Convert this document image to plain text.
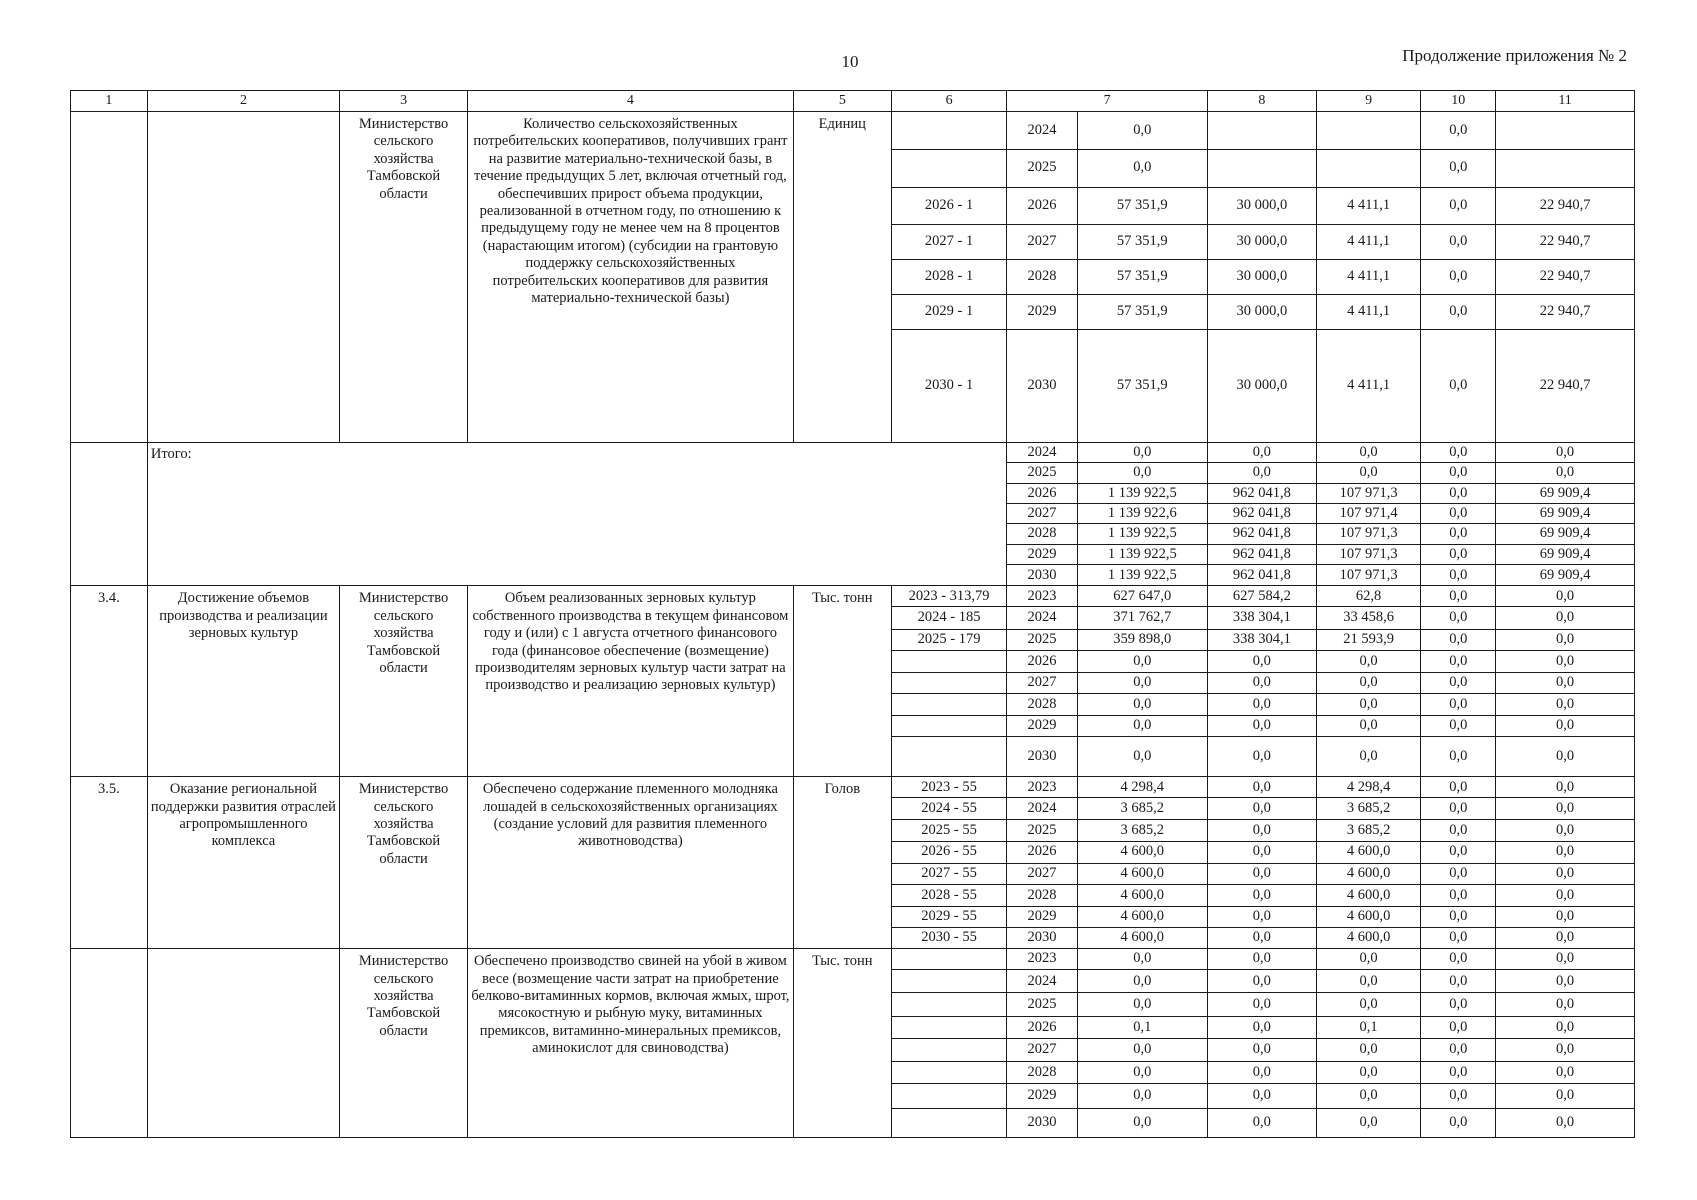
10	Продолжение приложения № 2
1	2	3	4	5	6	7		8	9	10	11
		Министерство сельского хозяйства Тамбовской области	Количество сельскохозяйственных потребительских кооперативов, получивших грант на развитие материально-технической базы, в течение предыдущих 5 лет, включая отчетный год, обеспечивших прирост объема продукции, реализованной в отчетном году, по отношению к предыдущему году не менее чем на 8 процентов (нарастающим итогом) (субсидии на грантовую поддержку сельскохозяйственных потребительских кооперативов для развития материально-технической базы)	Единиц		2024	0,0			0,0	
						2025	0,0			0,0	
					2026 - 1	2026	57 351,9	30 000,0	4 411,1	0,0	22 940,7
					2027 - 1	2027	57 351,9	30 000,0	4 411,1	0,0	22 940,7
					2028 - 1	2028	57 351,9	30 000,0	4 411,1	0,0	22 940,7
					2029 - 1	2029	57 351,9	30 000,0	4 411,1	0,0	22 940,7
					2030 - 1	2030	57 351,9	30 000,0	4 411,1	0,0	22 940,7
	Итого:					2024	0,0	0,0	0,0	0,0	0,0
						2025	0,0	0,0	0,0	0,0	0,0
						2026	1 139 922,5	962 041,8	107 971,3	0,0	69 909,4
						2027	1 139 922,6	962 041,8	107 971,4	0,0	69 909,4
						2028	1 139 922,5	962 041,8	107 971,3	0,0	69 909,4
						2029	1 139 922,5	962 041,8	107 971,3	0,0	69 909,4
						2030	1 139 922,5	962 041,8	107 971,3	0,0	69 909,4
3.4.	Достижение объемов производства и реализации зерновых культур	Министерство сельского хозяйства Тамбовской области	Объем реализованных зерновых культур собственного производства в текущем финансовом году и (или) с 1 августа отчетного финансового года (финансовое обеспечение (возмещение) производителям зерновых культур части затрат на производство и реализацию зерновых культур)	Тыс. тонн	2023 - 313,79	2023	627 647,0	627 584,2	62,8	0,0	0,0
					2024 - 185	2024	371 762,7	338 304,1	33 458,6	0,0	0,0
					2025 - 179	2025	359 898,0	338 304,1	21 593,9	0,0	0,0
						2026	0,0	0,0	0,0	0,0	0,0
						2027	0,0	0,0	0,0	0,0	0,0
						2028	0,0	0,0	0,0	0,0	0,0
						2029	0,0	0,0	0,0	0,0	0,0
						2030	0,0	0,0	0,0	0,0	0,0
3.5.	Оказание региональной поддержки развития отраслей агропромышленного комплекса	Министерство сельского хозяйства Тамбовской области	Обеспечено содержание племенного молодняка лошадей в сельскохозяйственных организациях (создание условий для развития племенного животноводства)	Голов	2023 - 55	2023	4 298,4	0,0	4 298,4	0,0	0,0
					2024 - 55	2024	3 685,2	0,0	3 685,2	0,0	0,0
					2025 - 55	2025	3 685,2	0,0	3 685,2	0,0	0,0
					2026 - 55	2026	4 600,0	0,0	4 600,0	0,0	0,0
					2027 - 55	2027	4 600,0	0,0	4 600,0	0,0	0,0
					2028 - 55	2028	4 600,0	0,0	4 600,0	0,0	0,0
					2029 - 55	2029	4 600,0	0,0	4 600,0	0,0	0,0
					2030 - 55	2030	4 600,0	0,0	4 600,0	0,0	0,0
		Министерство сельского хозяйства Тамбовской области	Обеспечено производство свиней на убой в живом весе (возмещение части затрат на приобретение белково-витаминных кормов, включая жмых, шрот, мясокостную и рыбную муку, витаминных премиксов, витаминно-минеральных премиксов, аминокислот для свиноводства)	Тыс. тонн		2023	0,0	0,0	0,0	0,0	0,0
						2024	0,0	0,0	0,0	0,0	0,0
						2025	0,0	0,0	0,0	0,0	0,0
						2026	0,1	0,0	0,1	0,0	0,0
						2027	0,0	0,0	0,0	0,0	0,0
						2028	0,0	0,0	0,0	0,0	0,0
						2029	0,0	0,0	0,0	0,0	0,0
						2030	0,0	0,0	0,0	0,0	0,0
